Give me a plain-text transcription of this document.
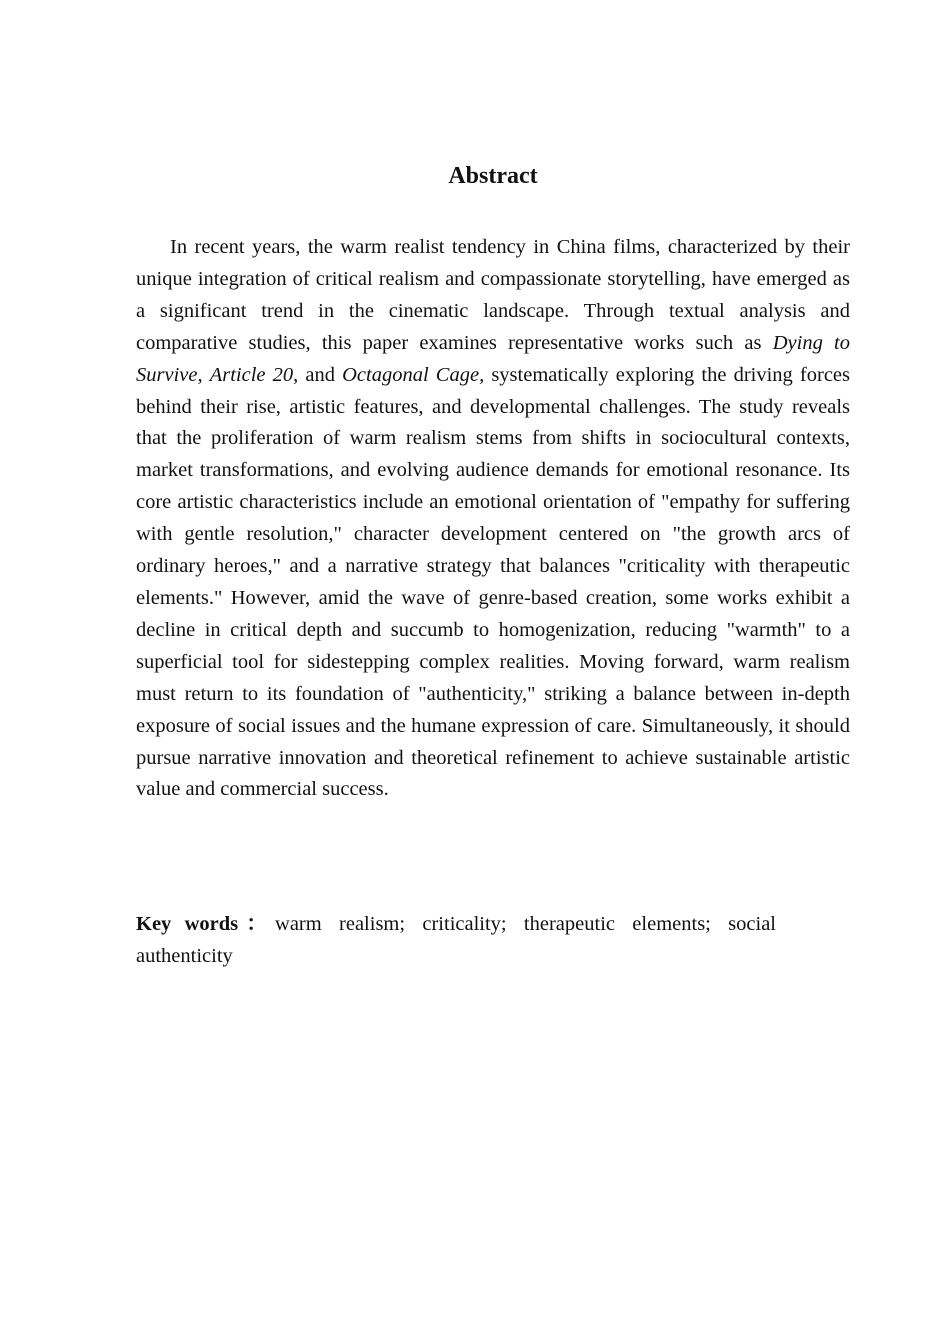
Abstract

In recent years, the warm realist tendency in China films, characterized by their unique integration of critical realism and compassionate storytelling, have emerged as a significant trend in the cinematic landscape. Through textual analysis and comparative studies, this paper examines representative works such as Dying to Survive, Article 20, and Octagonal Cage, systematically exploring the driving forces behind their rise, artistic features, and developmental challenges. The study reveals that the proliferation of warm realism stems from shifts in sociocultural contexts, market transformations, and evolving audience demands for emotional resonance. Its core artistic characteristics include an emotional orientation of "empathy for suffering with gentle resolution," character development centered on "the growth arcs of ordinary heroes," and a narrative strategy that balances "criticality with therapeutic elements." However, amid the wave of genre-based creation, some works exhibit a decline in critical depth and succumb to homogenization, reducing "warmth" to a superficial tool for sidestepping complex realities. Moving forward, warm realism must return to its foundation of "authenticity," striking a balance between in-depth exposure of social issues and the humane expression of care. Simultaneously, it should pursue narrative innovation and theoretical refinement to achieve sustainable artistic value and commercial success.

Key words：warm realism; criticality; therapeutic elements; social authenticity
